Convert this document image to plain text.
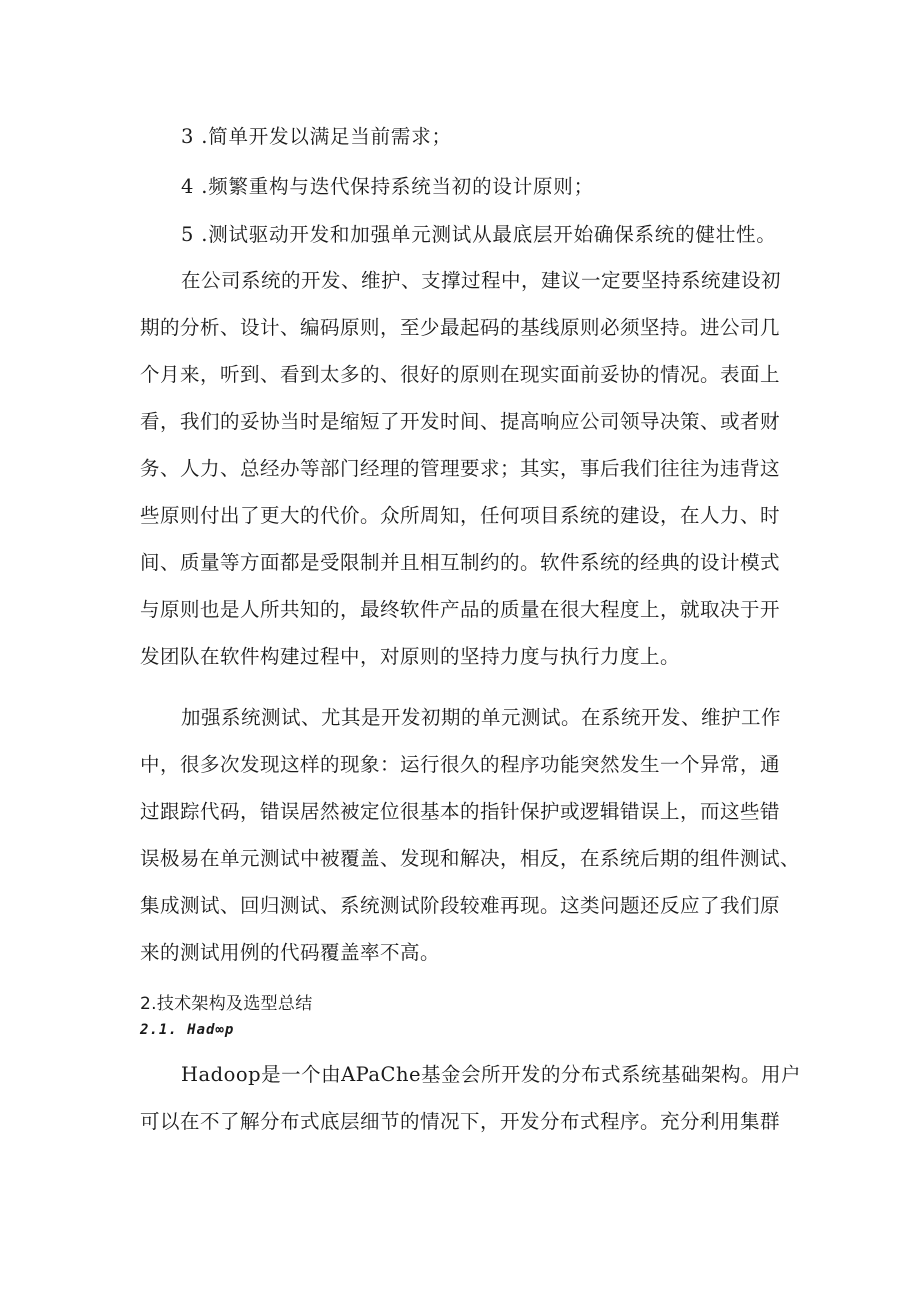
3 .简单开发以满足当前需求；
4 .频繁重构与迭代保持系统当初的设计原则；
5 .测试驱动开发和加强单元测试从最底层开始确保系统的健壮性。
在公司系统的开发、维护、支撑过程中，建议一定要坚持系统建设初
期的分析、设计、编码原则，至少最起码的基线原则必须坚持。进公司几
个月来，听到、看到太多的、很好的原则在现实面前妥协的情况。表面上
看，我们的妥协当时是缩短了开发时间、提高响应公司领导决策、或者财
务、人力、总经办等部门经理的管理要求；其实，事后我们往往为违背这
些原则付出了更大的代价。众所周知，任何项目系统的建设，在人力、时
间、质量等方面都是受限制并且相互制约的。软件系统的经典的设计模式
与原则也是人所共知的，最终软件产品的质量在很大程度上，就取决于开
发团队在软件构建过程中，对原则的坚持力度与执行力度上。
加强系统测试、尤其是开发初期的单元测试。在系统开发、维护工作
中，很多次发现这样的现象：运行很久的程序功能突然发生一个异常，通
过跟踪代码，错误居然被定位很基本的指针保护或逻辑错误上，而这些错
误极易在单元测试中被覆盖、发现和解决，相反，在系统后期的组件测试、
集成测试、回归测试、系统测试阶段较难再现。这类问题还反应了我们原
来的测试用例的代码覆盖率不高。
2.技术架构及选型总结
2.1. Had∞p
Hadoop是一个由APaChe基金会所开发的分布式系统基础架构。用户
可以在不了解分布式底层细节的情况下，开发分布式程序。充分利用集群
